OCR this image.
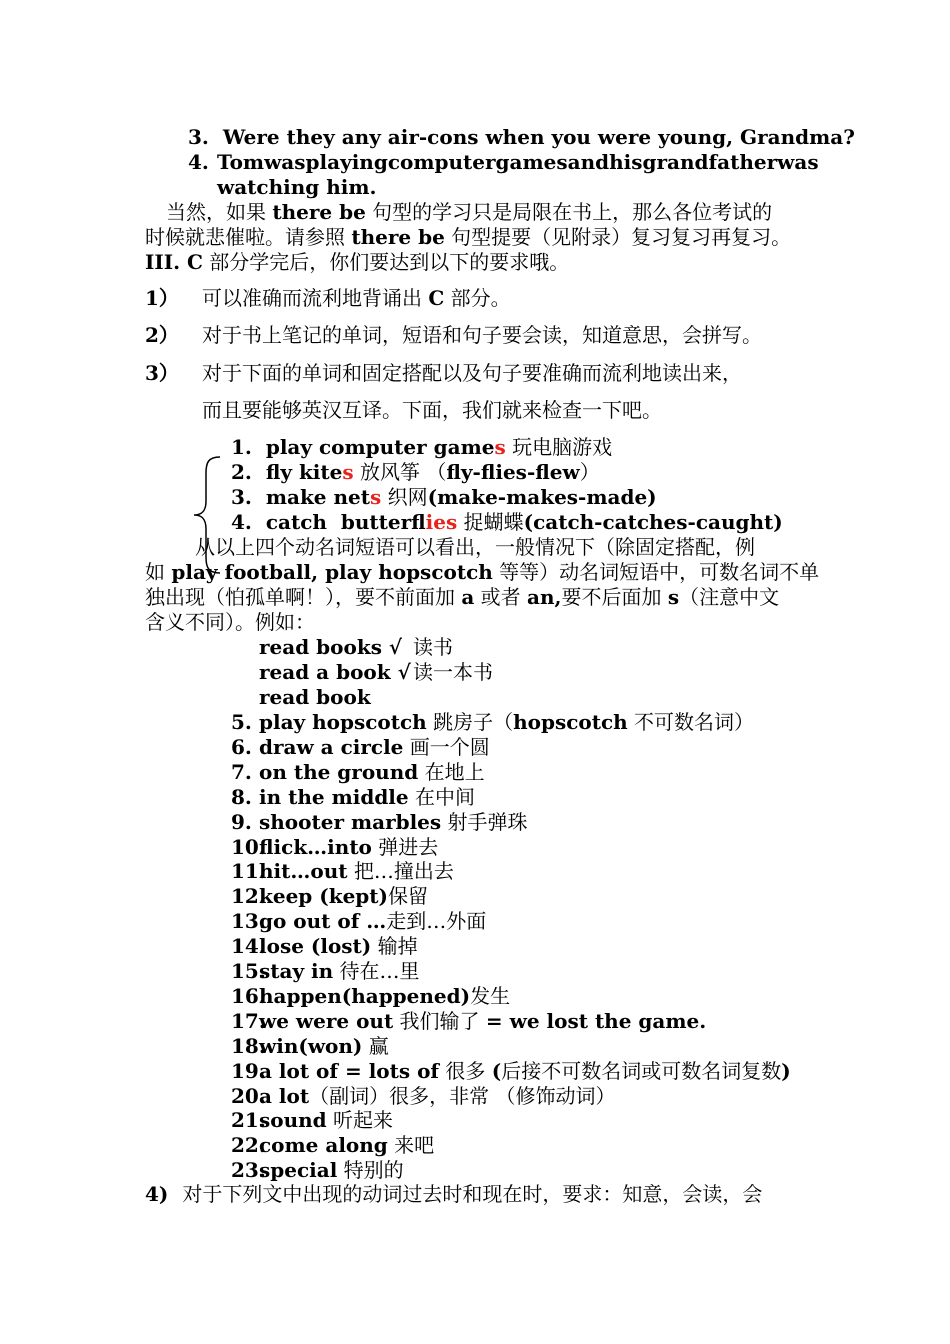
3. Were they any air-cons when you were young, Grandma?
4. Tom was playing computer games and his grandfather was
watching him.
当然，如果 there be 句型的学习只是局限在书上，那么各位考试的
时候就悲催啦。请参照 there be 句型提要（见附录）复习复习再复习。
III. C 部分学完后，你们要达到以下的要求哦。
1） 可以准确而流利地背诵出 C 部分。
2） 对于书上笔记的单词，短语和句子要会读，知道意思，会拼写。
3） 对于下面的单词和固定搭配以及句子要准确而流利地读出来，
而且要能够英汉互译。下面，我们就来检查一下吧。
1. play computer games 玩电脑游戏
2. fly kites 放风筝 （fly-flies-flew）
3. make nets 织网(make-makes-made)
4. catch  butterflies 捉蝴蝶(catch-catches-caught)
从以上四个动名词短语可以看出，一般情况下（除固定搭配，例
如 play football, play hopscotch 等等）动名词短语中，可数名词不单
独出现（怕孤单啊！），要不前面加 a 或者 an,要不后面加 s（注意中文
含义不同）。例如：
read books √ 读书
read a book √ 读一本书
read book
5. play hopscotch 跳房子（hopscotch 不可数名词）
6. draw a circle 画一个圆
7. on the ground 在地上
8. in the middle 在中间
9. shooter marbles 射手弹珠
10.flick…into 弹进去
11.hit…out 把…撞出去
12.keep (kept)保留
13.go out of …走到…外面
14.lose (lost) 输掉
15.stay in 待在…里
16.happen(happened)发生
17.we were out 我们输了 = we lost the game.
18.win(won) 赢
19.a lot of = lots of 很多 (后接不可数名词或可数名词复数)
20.a lot（副词）很多，非常 （修饰动词）
21.sound 听起来
22.come along 来吧
23.special 特别的
4) 对于下列文中出现的动词过去时和现在时，要求：知意，会读，会
